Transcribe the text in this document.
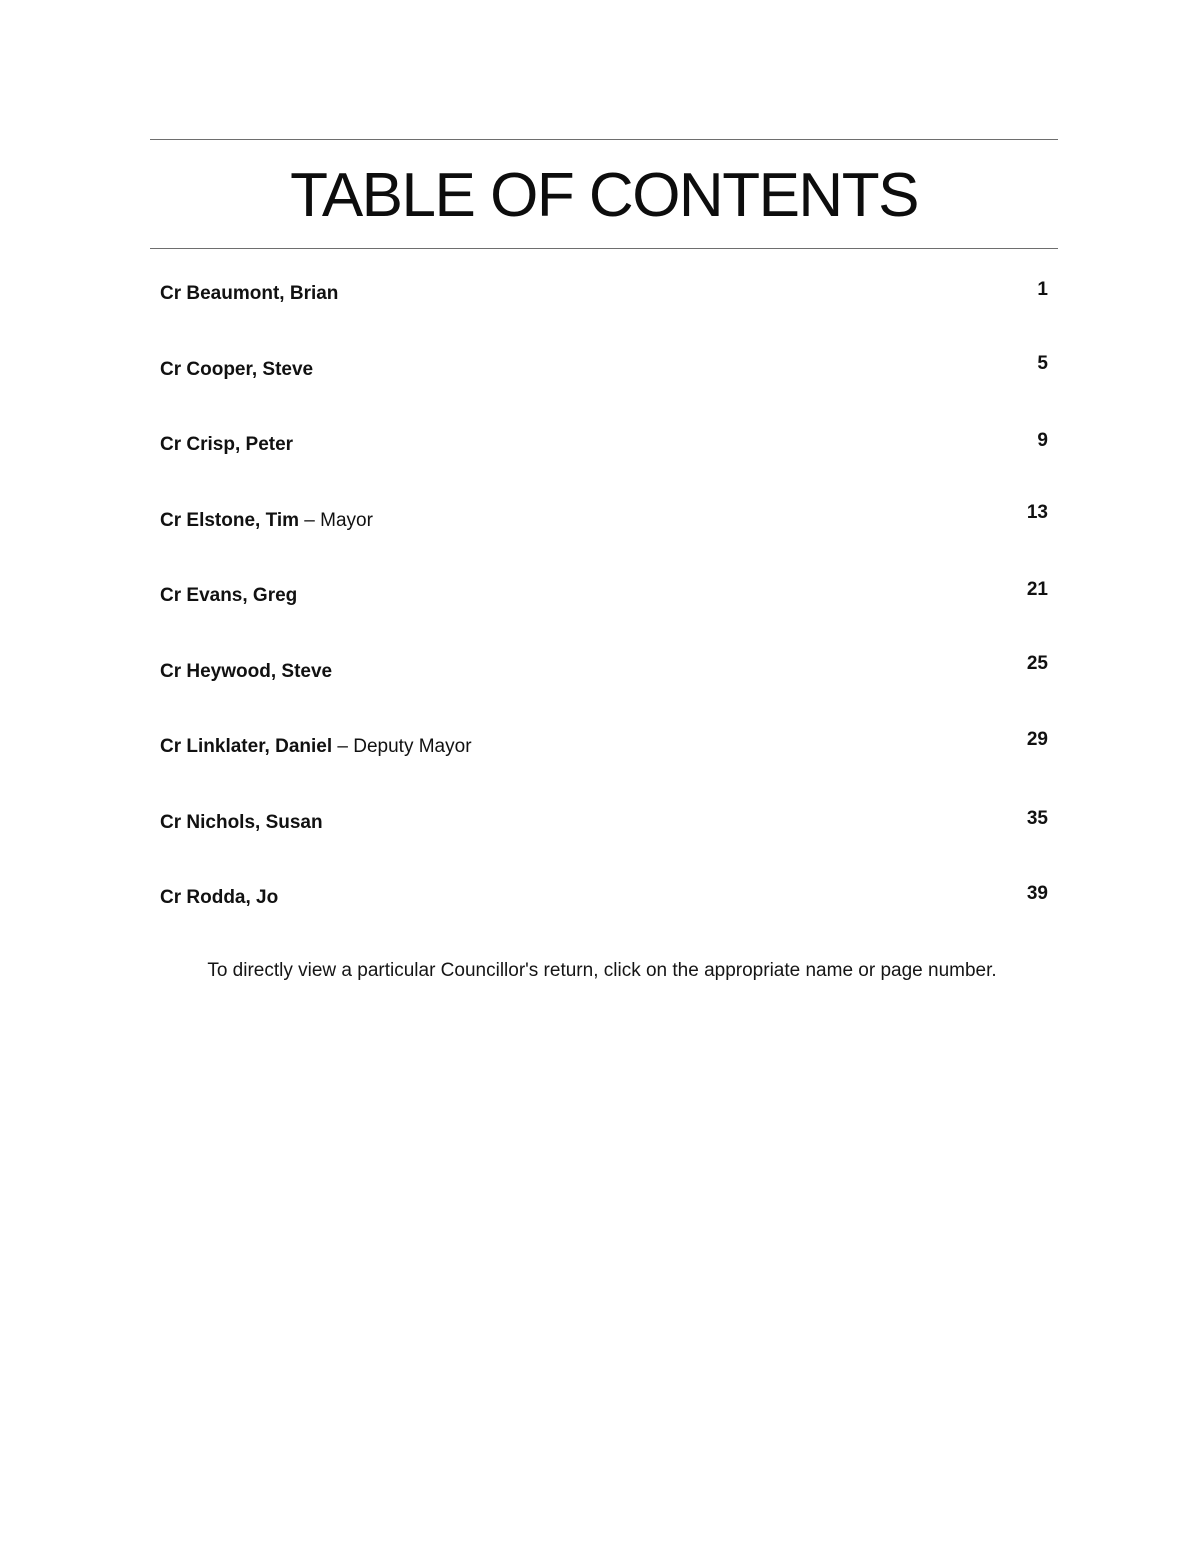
TABLE OF CONTENTS
Cr Beaumont, Brian	1
Cr Cooper, Steve	5
Cr Crisp, Peter	9
Cr Elstone, Tim – Mayor	13
Cr Evans, Greg	21
Cr Heywood, Steve	25
Cr Linklater, Daniel – Deputy Mayor	29
Cr Nichols, Susan	35
Cr Rodda, Jo	39
To directly view a particular Councillor's return, click on the appropriate name or page number.
